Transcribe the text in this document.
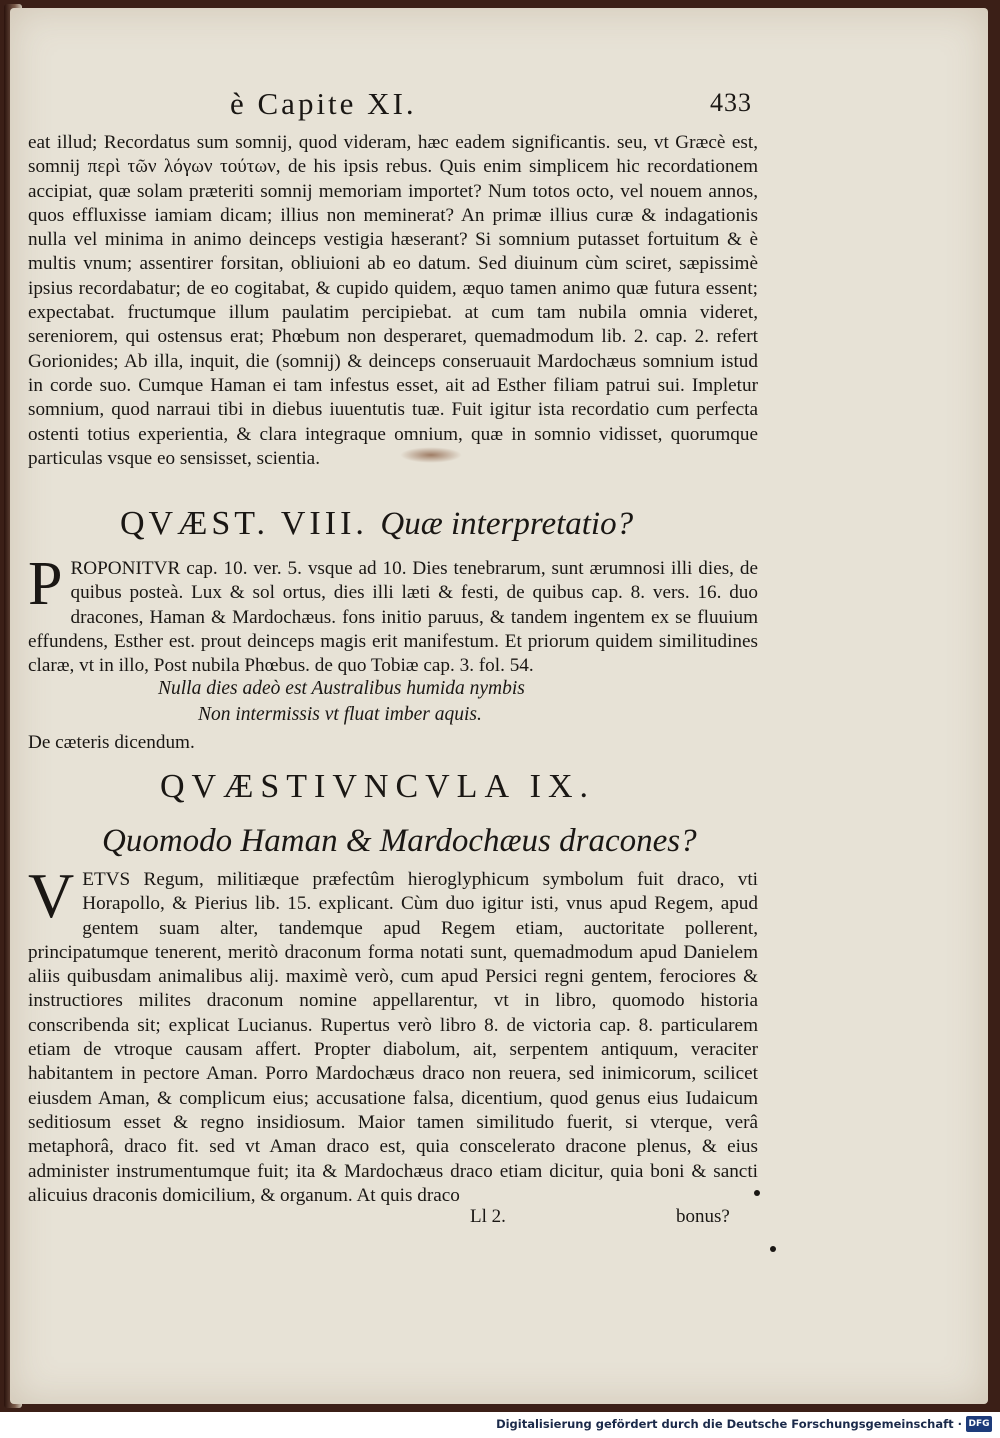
è Capite XI.	433

eat illud; Recordatus sum somnij, quod videram, hæc eadem significantis. seu, vt Græcè est, somnij περὶ τῶν λόγων τούτων, de his ipsis rebus. Quis enim simplicem hic recordationem accipiat, quæ solam præteriti somnij memoriam importet? Num totos octo, vel nouem annos, quos effluxisse iamiam dicam; illius non meminerat? An primæ illius curæ & indagationis nulla vel minima in animo deinceps vestigia hæserant? Si somnium putasset fortuitum & è multis vnum; assentirer forsitan, obliuioni ab eo datum. Sed diuinum cùm sciret, sæpissimè ipsius recordabatur; de eo cogitabat, & cupido quidem, æquo tamen animo quæ futura essent; expectabat. fructumque illum paulatim percipiebat. at cum tam nubila omnia videret, sereniorem, qui ostensus erat; Phœbum non desperaret, quemadmodum lib. 2. cap. 2. refert Gorionides; Ab illa, inquit, die (somnij) & deinceps conseruauit Mardochæus somnium istud in corde suo. Cumque Haman ei tam infestus esset, ait ad Esther filiam patrui sui. Impletur somnium, quod narraui tibi in diebus iuuentutis tuæ. Fuit igitur ista recordatio cum perfecta ostenti totius experientia, & clara integraque omnium, quæ in somnio vidisset, quorumque particulas vsque eo sensisset, scientia.

QVÆST. VIII. Quæ interpretatio?
P ROPONITVR cap. 10. ver. 5. vsque ad 10. Dies tenebrarum, sunt ærumnosi illi dies, de quibus posteà. Lux & sol ortus, dies illi læti & festi, de quibus cap. 8. vers. 16. duo dracones, Haman & Mardochæus. fons initio paruus, & tandem ingentem ex se fluuium effundens, Esther est. prout deinceps magis erit manifestum. Et priorum quidem similitudines claræ, vt in illo, Post nubila Phœbus. de quo Tobiæ cap. 3. fol. 54.

Nulla dies adeò est Australibus humida nymbis
Non intermissis vt fluat imber aquis.
De cæteris dicendum.
QVÆSTIVNCVLA IX.
Quomodo Haman & Mardochæus dracones?
V ETVS Regum, militiæque præfectûm hieroglyphicum symbolum fuit draco, vti Horapollo, & Pierius lib. 15. explicant. Cùm duo igitur isti, vnus apud Regem, apud gentem suam alter, tandemque apud Regem etiam, auctoritate pollerent, principatumque tenerent, meritò draconum forma notati sunt, quemadmodum apud Danielem aliis quibusdam animalibus alij. maximè verò, cum apud Persici regni gentem, ferociores & instructiores milites draconum nomine appellarentur, vt in libro, quomodo historia conscribenda sit; explicat Lucianus. Rupertus verò libro 8. de victoria cap. 8. particularem etiam de vtroque causam affert. Propter diabolum, ait, serpentem antiquum, veraciter habitantem in pectore Aman. Porro Mardochæus draco non reuera, sed inimicorum, scilicet eiusdem Aman, & complicum eius; accusatione falsa, dicentium, quod genus eius Iudaicum seditiosum esset & regno insidiosum. Maior tamen similitudo fuerit, si vterque, verâ metaphorâ, draco fit. sed vt Aman draco est, quia consceleratо dracone plenus, & eius administer instrumentumque fuit; ita & Mardochæus draco etiam dicitur, quia boni & sancti alicuius draconis domicilium, & organum. At quis draco

Ll 2.	bonus?
Digitalisierung gefördert durch die Deutsche Forschungsgemeinschaft · DFG
